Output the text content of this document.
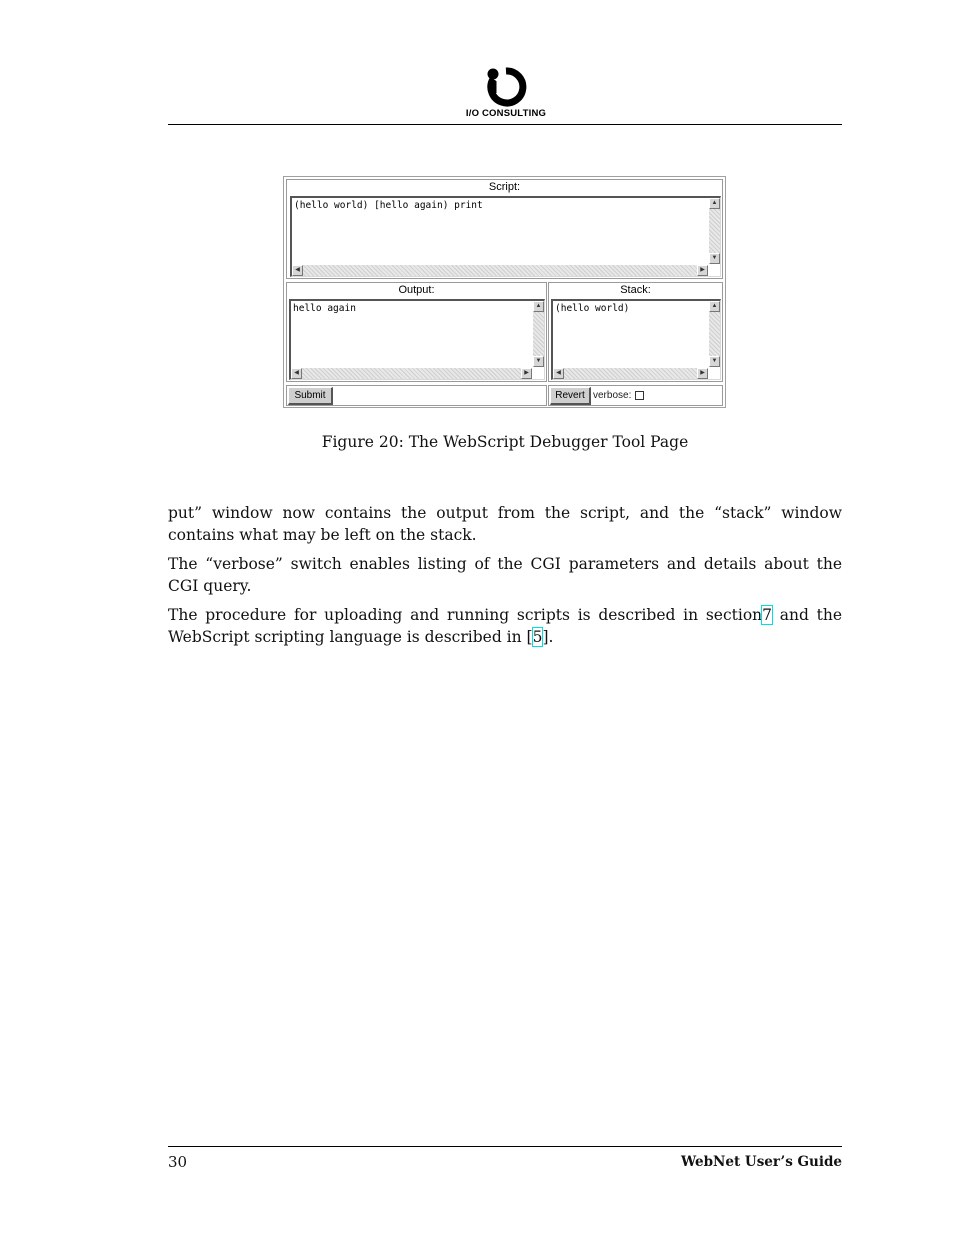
I/O CONSULTING
Script:
(hello world) [hello again) print	▲
▼
◀	▶
Output:
hello again	▲
▼
◀	▶
Stack:
(hello world)	▲
▼
◀	▶
Submit	Revert verbose:
Figure 20: The WebScript Debugger Tool Page
put” window now contains the output from the script, and the “stack” window contains what may be left on the stack.
The “verbose” switch enables listing of the CGI parameters and details about the CGI query.
The procedure for uploading and running scripts is described in section7 and the WebScript scripting language is described in [5].
30	WebNet User’s Guide
